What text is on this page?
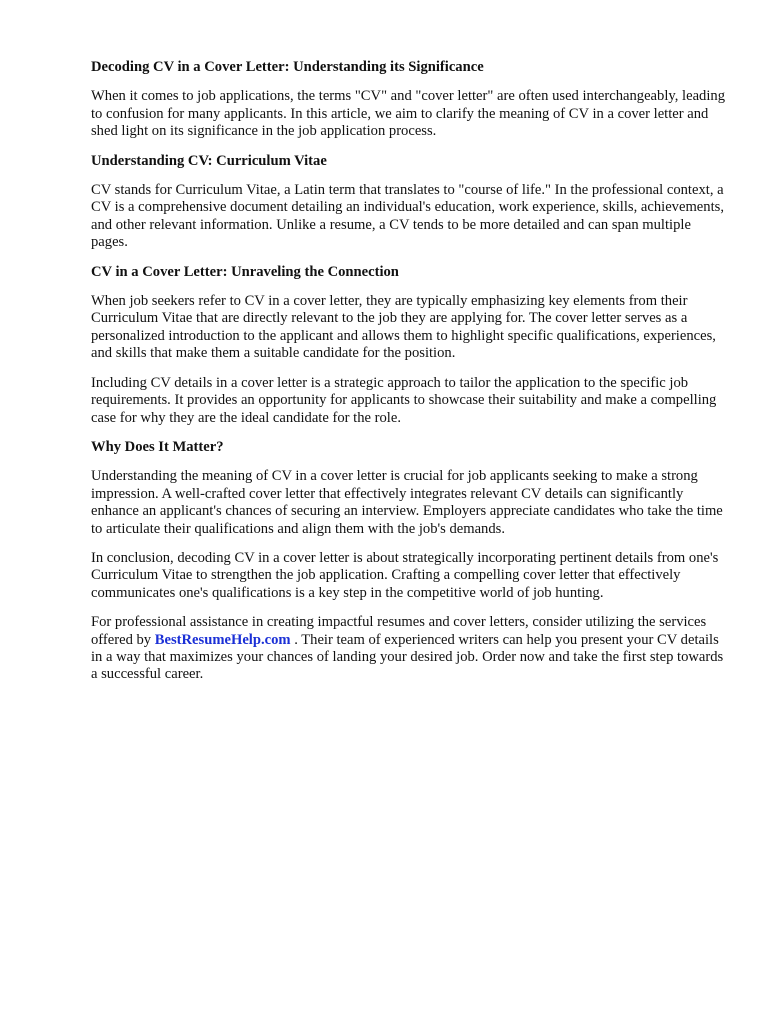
Decoding CV in a Cover Letter: Understanding its Significance

When it comes to job applications, the terms "CV" and "cover letter" are often used interchangeably, leading to confusion for many applicants. In this article, we aim to clarify the meaning of CV in a cover letter and shed light on its significance in the job application process.

Understanding CV: Curriculum Vitae

CV stands for Curriculum Vitae, a Latin term that translates to "course of life." In the professional context, a CV is a comprehensive document detailing an individual's education, work experience, skills, achievements, and other relevant information. Unlike a resume, a CV tends to be more detailed and can span multiple pages.

CV in a Cover Letter: Unraveling the Connection

When job seekers refer to CV in a cover letter, they are typically emphasizing key elements from their Curriculum Vitae that are directly relevant to the job they are applying for. The cover letter serves as a personalized introduction to the applicant and allows them to highlight specific qualifications, experiences, and skills that make them a suitable candidate for the position.

Including CV details in a cover letter is a strategic approach to tailor the application to the specific job requirements. It provides an opportunity for applicants to showcase their suitability and make a compelling case for why they are the ideal candidate for the role.

Why Does It Matter?

Understanding the meaning of CV in a cover letter is crucial for job applicants seeking to make a strong impression. A well-crafted cover letter that effectively integrates relevant CV details can significantly enhance an applicant's chances of securing an interview. Employers appreciate candidates who take the time to articulate their qualifications and align them with the job's demands.

In conclusion, decoding CV in a cover letter is about strategically incorporating pertinent details from one's Curriculum Vitae to strengthen the job application. Crafting a compelling cover letter that effectively communicates one's qualifications is a key step in the competitive world of job hunting.

For professional assistance in creating impactful resumes and cover letters, consider utilizing the services offered by BestResumeHelp.com . Their team of experienced writers can help you present your CV details in a way that maximizes your chances of landing your desired job. Order now and take the first step towards a successful career.
